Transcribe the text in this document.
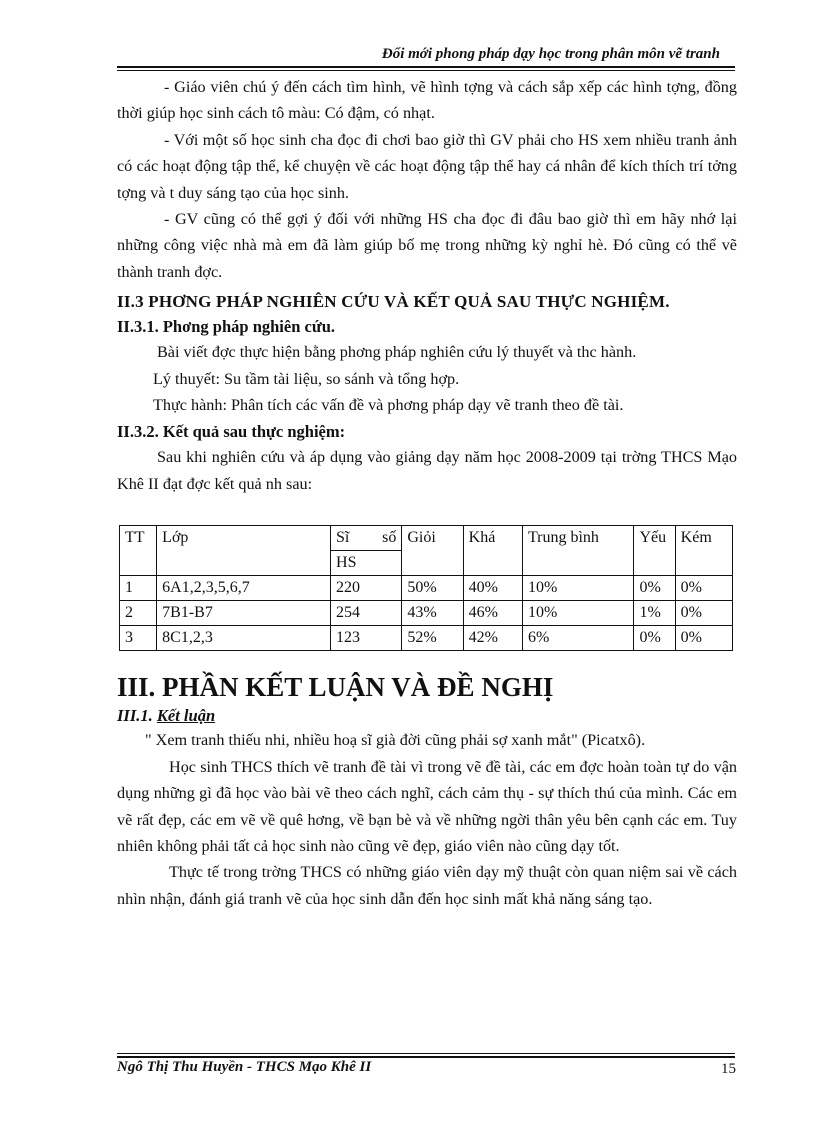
Đổi mới phong pháp dạy học trong phân môn vẽ tranh

- Giáo viên chú ý đến cách tìm hình, vẽ hình tợng và cách sắp xếp các hình tợng, đồng thời giúp học sinh cách tô màu: Có đậm, có nhạt.

- Với một số học sinh cha đọc đi chơi bao giờ thì GV phải cho HS xem nhiều tranh ảnh có các hoạt động tập thể, kể chuyện về các hoạt động tập thể hay cá nhân để kích thích trí tởng tợng và t duy sáng tạo của học sinh.

- GV cũng có thể gợi ý đối với những HS cha đọc đi đâu bao giờ thì em hãy nhớ lại những công việc nhà mà em đã làm giúp bố mẹ trong những kỳ nghỉ hè. Đó cũng có thể vẽ thành tranh đợc.

II.3 PHƠNG PHÁP NGHIÊN CỨU VÀ KẾT QUẢ SAU THỰC NGHIỆM.

II.3.1. Phơng pháp nghiên cứu.

Bài viết đợc thực hiện bằng phơng pháp nghiên cứu lý thuyết và thc hành.

Lý thuyết: Su tầm tài liệu, so sánh và tổng hợp.

Thực hành: Phân tích các vấn đề và phơng pháp dạy vẽ tranh theo đề tài.

II.3.2. Kết quả sau thực nghiệm:

Sau khi nghiên cứu và áp dụng vào giảng dạy năm học 2008-2009 tại trờng THCS Mạo Khê II đạt đợc kết quả nh sau:

TT	Lớp	Sĩ số	Giỏi	Khá	Trung bình	Yếu	Kém
		HS					
1	6A1,2,3,5,6,7	220	50%	40%	10%	0%	0%
2	7B1-B7	254	43%	46%	10%	1%	0%
3	8C1,2,3	123	52%	42%	6%	0%	0%

III. PHẦN KẾT LUẬN VÀ ĐỀ NGHỊ

III.1. Kết luận

" Xem tranh thiếu nhi, nhiều hoạ sĩ già đời cũng phải sợ xanh mắt" (Picatxô).

Học sinh THCS thích vẽ tranh đề tài vì trong vẽ đề tài, các em đợc hoàn toàn tự do vận dụng những gì đã học vào bài vẽ theo cách nghĩ, cách cảm thụ - sự thích thú của mình. Các em vẽ rất đẹp, các em vẽ về quê hơng, về bạn bè và về những ngời thân yêu bên cạnh các em. Tuy nhiên không phải tất cả học sinh nào cũng vẽ đẹp, giáo viên nào cũng dạy tốt.

Thực tế trong trờng THCS có những giáo viên dạy mỹ thuật còn quan niệm sai về cách nhìn nhận, đánh giá tranh vẽ của học sinh dẫn đến học sinh mất khả năng sáng tạo.

Ngô Thị Thu Huyền - THCS Mạo Khê II	15
